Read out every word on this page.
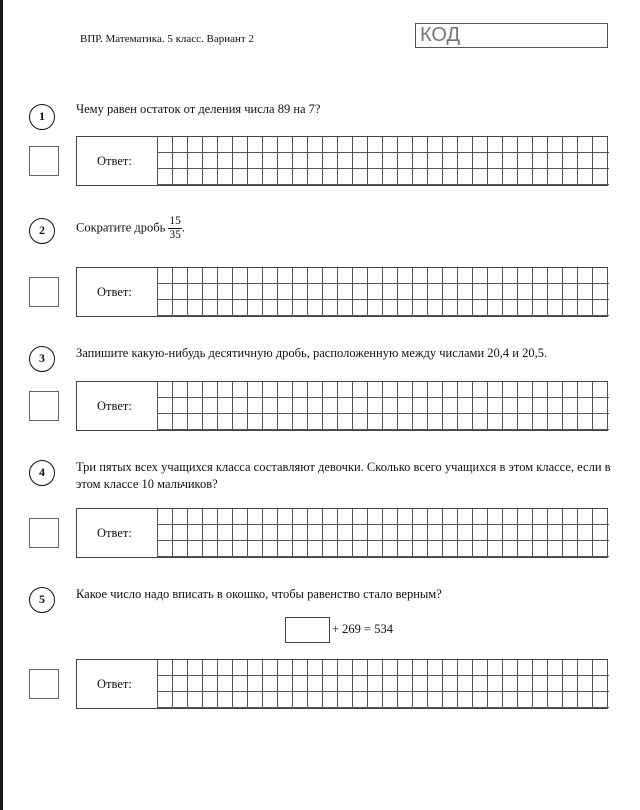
ВПР. Математика. 5 класс. Вариант 2	КОД
1	Чему равен остаток от деления числа 89 на 7?
Ответ:
2	Сократите дробь $\frac{15}{35}$ .
Ответ:
3	Запишите какую-нибудь десятичную дробь, расположенную между числами 20,4 и 20,5.
Ответ:
4	Три пятых всех учащихся класса составляют девочки. Сколько всего учащихся в этом классе, если в этом классе 10 мальчиков?
Ответ:
5	Какое число надо вписать в окошко, чтобы равенство стало верным?
+ 269 = 534
Ответ:
